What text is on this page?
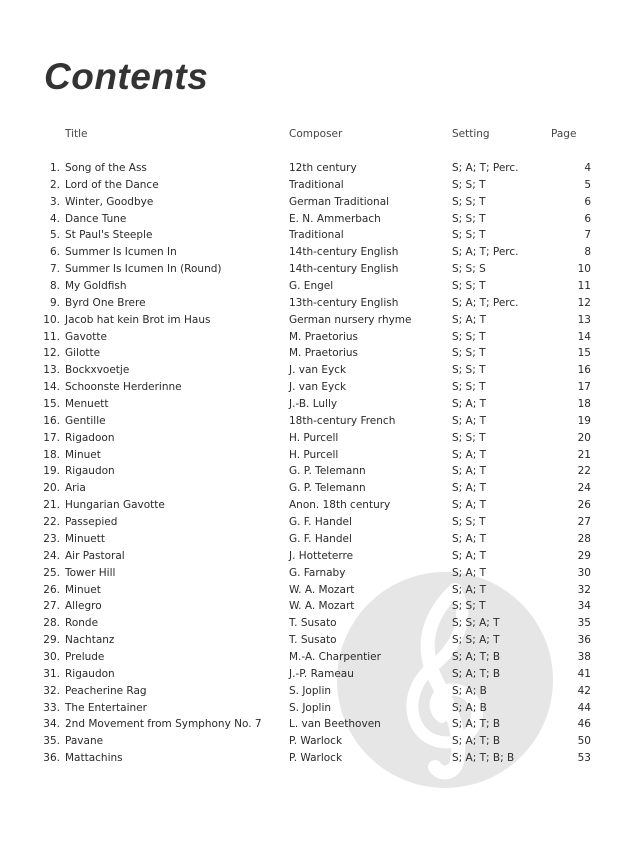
Contents
Title	Composer	Setting	Page
1. Song of the Ass	12th century	S; A; T; Perc.	4
2. Lord of the Dance	Traditional	S; S; T	5
3. Winter, Goodbye	German Traditional	S; S; T	6
4. Dance Tune	E. N. Ammerbach	S; S; T	6
5. St Paul's Steeple	Traditional	S; S; T	7
6. Summer Is Icumen In	14th-century English	S; A; T; Perc.	8
7. Summer Is Icumen In (Round)	14th-century English	S; S; S	10
8. My Goldfish	G. Engel	S; S; T	11
9. Byrd One Brere	13th-century English	S; A; T; Perc.	12
10. Jacob hat kein Brot im Haus	German nursery rhyme	S; A; T	13
11. Gavotte	M. Praetorius	S; S; T	14
12. Gilotte	M. Praetorius	S; S; T	15
13. Bockxvoetje	J. van Eyck	S; S; T	16
14. Schoonste Herderinne	J. van Eyck	S; S; T	17
15. Menuett	J.-B. Lully	S; A; T	18
16. Gentille	18th-century French	S; A; T	19
17. Rigadoon	H. Purcell	S; S; T	20
18. Minuet	H. Purcell	S; A; T	21
19. Rigaudon	G. P. Telemann	S; A; T	22
20. Aria	G. P. Telemann	S; A; T	24
21. Hungarian Gavotte	Anon. 18th century	S; A; T	26
22. Passepied	G. F. Handel	S; S; T	27
23. Minuett	G. F. Handel	S; A; T	28
24. Air Pastoral	J. Hotteterre	S; A; T	29
25. Tower Hill	G. Farnaby	S; A; T	30
26. Minuet	W. A. Mozart	S; A; T	32
27. Allegro	W. A. Mozart	S; S; T	34
28. Ronde	T. Susato	S; S; A; T	35
29. Nachtanz	T. Susato	S; S; A; T	36
30. Prelude	M.-A. Charpentier	S; A; T; B	38
31. Rigaudon	J.-P. Rameau	S; A; T; B	41
32. Peacherine Rag	S. Joplin	S; A; B	42
33. The Entertainer	S. Joplin	S; A; B	44
34. 2nd Movement from Symphony No. 7	L. van Beethoven	S; A; T; B	46
35. Pavane	P. Warlock	S; A; T; B	50
36. Mattachins	P. Warlock	S; A; T; B; B	53
